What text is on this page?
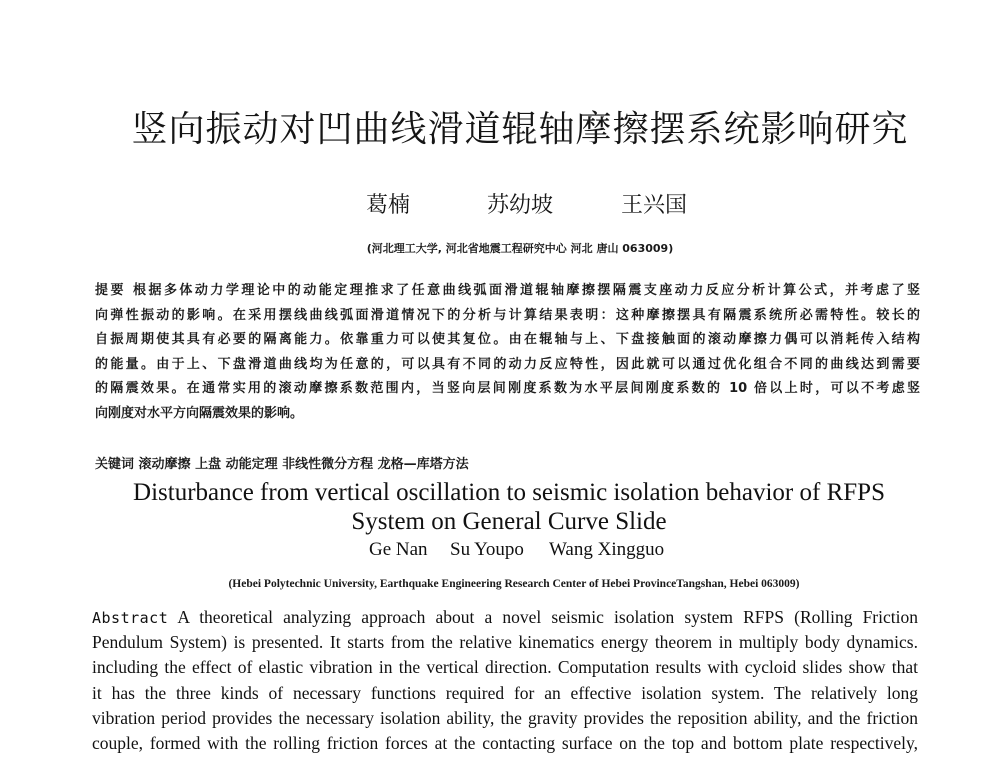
竖向振动对凹曲线滑道辊轴摩擦摆系统影响研究
葛楠	苏幼坡	王兴国
(河北理工大学, 河北省地震工程研究中心 河北 唐山 063009)
提要 根据多体动力学理论中的动能定理推求了任意曲线弧面滑道辊轴摩擦摆隔震支座动力反应分析计算公式，并考虑了竖
向弹性振动的影响。在采用摆线曲线弧面滑道情况下的分析与计算结果表明：这种摩擦摆具有隔震系统所必需特性。较长的
自振周期使其具有必要的隔离能力。依靠重力可以使其复位。由在辊轴与上、下盘接触面的滚动摩擦力偶可以消耗传入结构
的能量。由于上、下盘滑道曲线均为任意的，可以具有不同的动力反应特性，因此就可以通过优化组合不同的曲线达到需要
的隔震效果。在通常实用的滚动摩擦系数范围内，当竖向层间刚度系数为水平层间刚度系数的 10 倍以上时，可以不考虑竖
向刚度对水平方向隔震效果的影响。
关键词 滚动摩擦 上盘 动能定理 非线性微分方程 龙格—库塔方法
Disturbance from vertical oscillation to seismic isolation behavior of RFPS
System on General Curve Slide
Ge Nan Su Youpo Wang Xingguo
(Hebei Polytechnic University, Earthquake Engineering Research Center of Hebei ProvinceTangshan, Hebei 063009)
Abstract A theoretical analyzing approach about a novel seismic isolation system RFPS (Rolling Friction
Pendulum System) is presented. It starts from the relative kinematics energy theorem in multiply body dynamics.
including the effect of elastic vibration in the vertical direction. Computation results with cycloid slides show that
it has the three kinds of necessary functions required for an effective isolation system. The relatively long
vibration period provides the necessary isolation ability, the gravity provides the reposition ability, and the friction
couple, formed with the rolling friction forces at the contacting surface on the top and bottom plate respectively,
